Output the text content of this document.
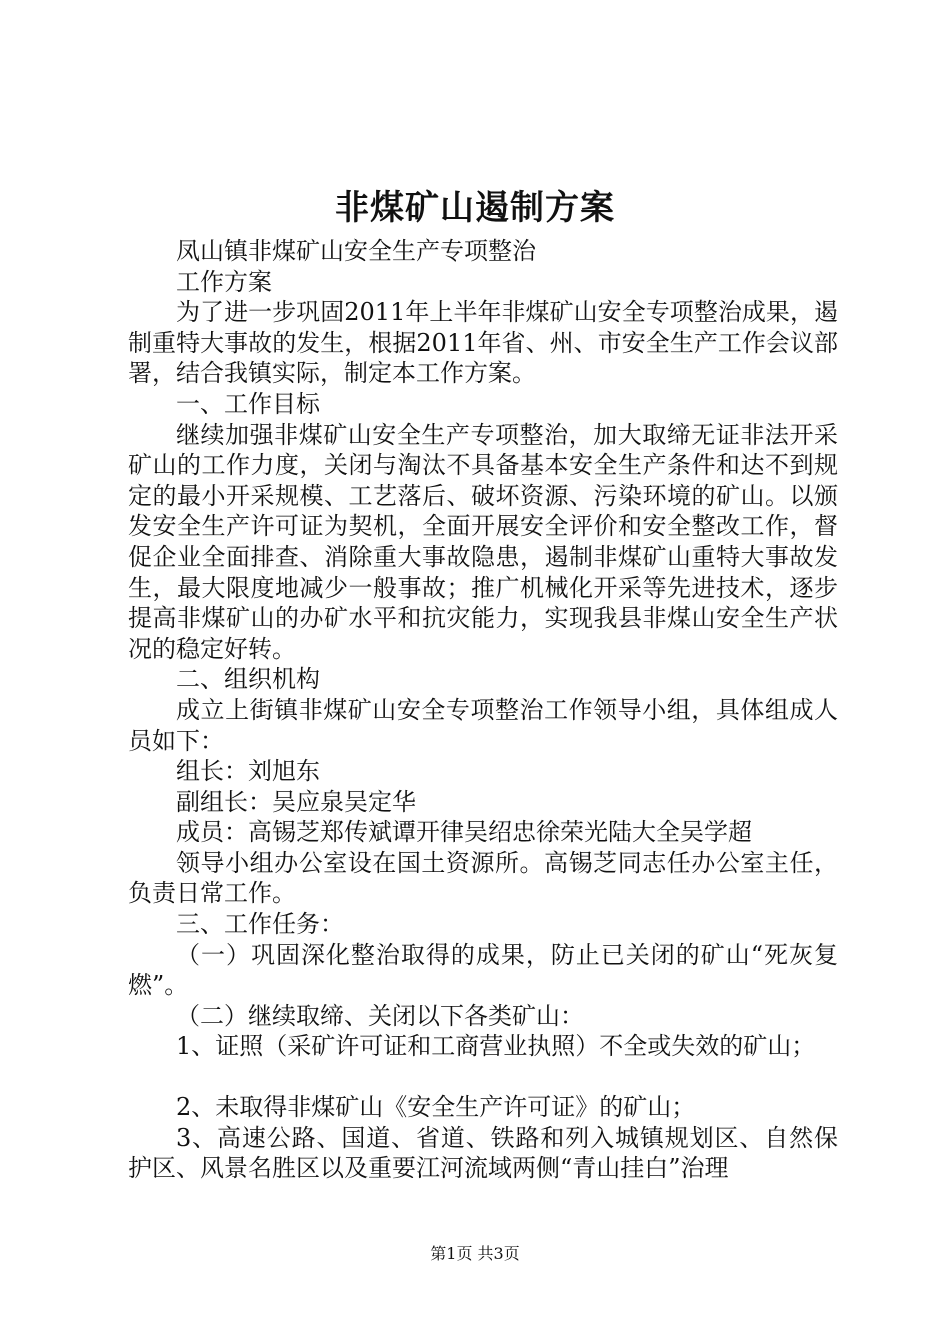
非煤矿山遏制方案

凤山镇非煤矿山安全生产专项整治

工作方案

为了进一步巩固2011年上半年非煤矿山安全专项整治成果，遏制重特大事故的发生，根据2011年省、州、市安全生产工作会议部署，结合我镇实际，制定本工作方案。

一、工作目标

继续加强非煤矿山安全生产专项整治，加大取缔无证非法开采矿山的工作力度，关闭与淘汰不具备基本安全生产条件和达不到规定的最小开采规模、工艺落后、破坏资源、污染环境的矿山。以颁发安全生产许可证为契机，全面开展安全评价和安全整改工作，督促企业全面排查、消除重大事故隐患，遏制非煤矿山重特大事故发生，最大限度地减少一般事故；推广机械化开采等先进技术，逐步提高非煤矿山的办矿水平和抗灾能力，实现我县非煤山安全生产状况的稳定好转。

二、组织机构

成立上街镇非煤矿山安全专项整治工作领导小组，具体组成人员如下：

组长：刘旭东

副组长：吴应泉吴定华

成员：高锡芝郑传斌谭开律吴绍忠徐荣光陆大全吴学超

领导小组办公室设在国土资源所。高锡芝同志任办公室主任，负责日常工作。

三、工作任务：

（一）巩固深化整治取得的成果，防止已关闭的矿山“死灰复燃”。

（二）继续取缔、关闭以下各类矿山：

1、证照（采矿许可证和工商营业执照）不全或失效的矿山；

2、未取得非煤矿山《安全生产许可证》的矿山；

3、高速公路、国道、省道、铁路和列入城镇规划区、自然保护区、风景名胜区以及重要江河流域两侧“青山挂白”治理

第1页 共3页
